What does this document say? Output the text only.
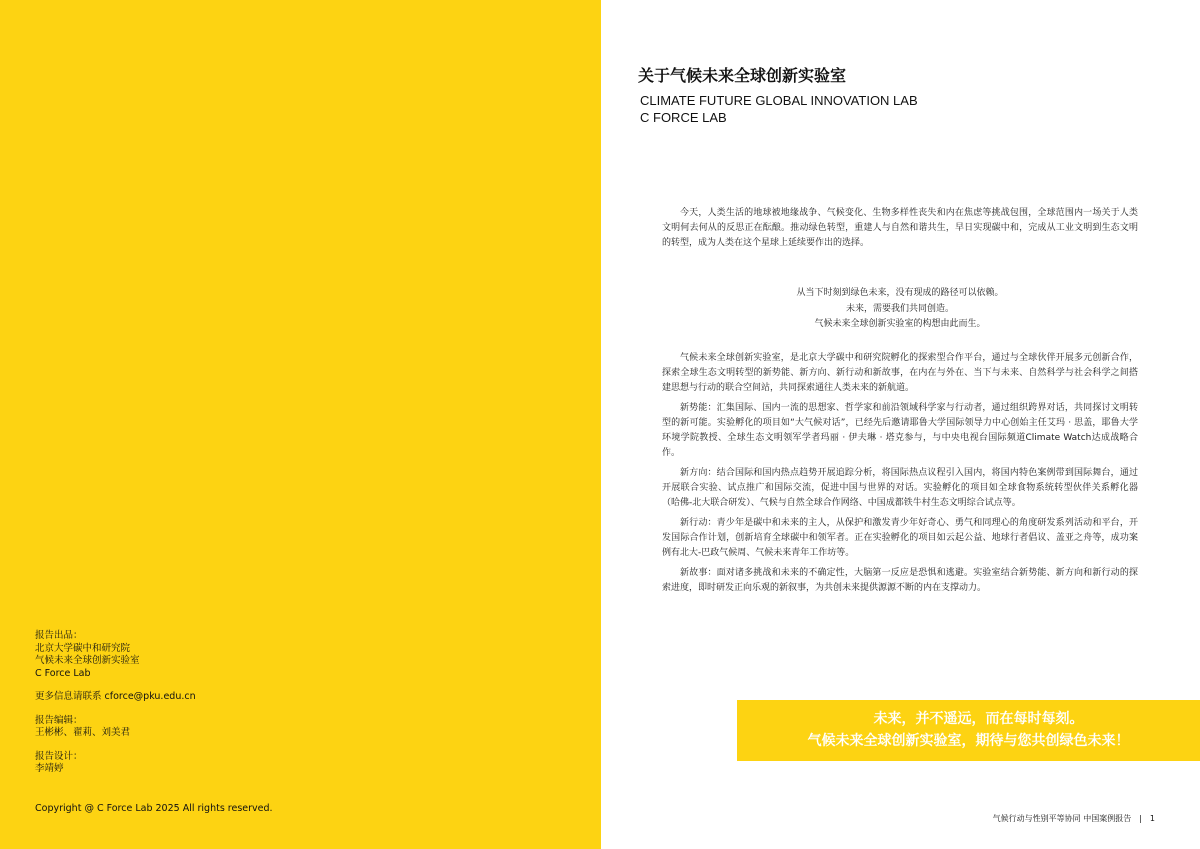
报告出品：
北京大学碳中和研究院
气候未来全球创新实验室
C Force Lab
更多信息请联系 cforce@pku.edu.cn
报告编辑：
王彬彬、翟莉、刘美君
报告设计：
李靖婷
Copyright @ C Force Lab 2025 All rights reserved.
关于气候未来全球创新实验室
CLIMATE FUTURE GLOBAL INNOVATION LAB
C FORCE LAB

今天，人类生活的地球被地缘战争、气候变化、生物多样性丧失和内在焦虑等挑战包围，全球范围内一场关于人类文明何去何从的反思正在酝酿。推动绿色转型，重建人与自然和谐共生，早日实现碳中和，完成从工业文明到生态文明的转型，成为人类在这个星球上延续要作出的选择。

从当下时刻到绿色未来，没有现成的路径可以依赖。
未来，需要我们共同创造。
气候未来全球创新实验室的构想由此而生。

气候未来全球创新实验室，是北京大学碳中和研究院孵化的探索型合作平台，通过与全球伙伴开展多元创新合作，探索全球生态文明转型的新势能、新方向、新行动和新故事，在内在与外在、当下与未来、自然科学与社会科学之间搭建思想与行动的联合空间站，共同探索通往人类未来的新航道。

新势能：汇集国际、国内一流的思想家、哲学家和前沿领域科学家与行动者，通过组织跨界对话，共同探讨文明转型的新可能。实验孵化的项目如“大气候对话”，已经先后邀请耶鲁大学国际领导力中心创始主任艾玛 · 思盖，耶鲁大学环境学院教授、全球生态文明领军学者玛丽 · 伊夫琳 · 塔克参与，与中央电视台国际频道Climate Watch达成战略合作。

新方向：结合国际和国内热点趋势开展追踪分析，将国际热点议程引入国内，将国内特色案例带到国际舞台，通过开展联合实验、试点推广和国际交流，促进中国与世界的对话。实验孵化的项目如全球食物系统转型伙伴关系孵化器（哈佛-北大联合研发）、气候与自然全球合作网络、中国成都铁牛村生态文明综合试点等。

新行动：青少年是碳中和未来的主人，从保护和激发青少年好奇心、勇气和同理心的角度研发系列活动和平台，开发国际合作计划，创新培育全球碳中和领军者。正在实验孵化的项目如云起公益、地球行者倡议、盖亚之舟等，成功案例有北大-巴政气候周、气候未来青年工作坊等。

新故事：面对诸多挑战和未来的不确定性，大脑第一反应是恐惧和逃避。实验室结合新势能、新方向和新行动的探索进度，即时研发正向乐观的新叙事，为共创未来提供源源不断的内在支撑动力。

未来，并不遥远，而在每时每刻。
气候未来全球创新实验室，期待与您共创绿色未来！
气候行动与性别平等协同 中国案例报告 | 1
